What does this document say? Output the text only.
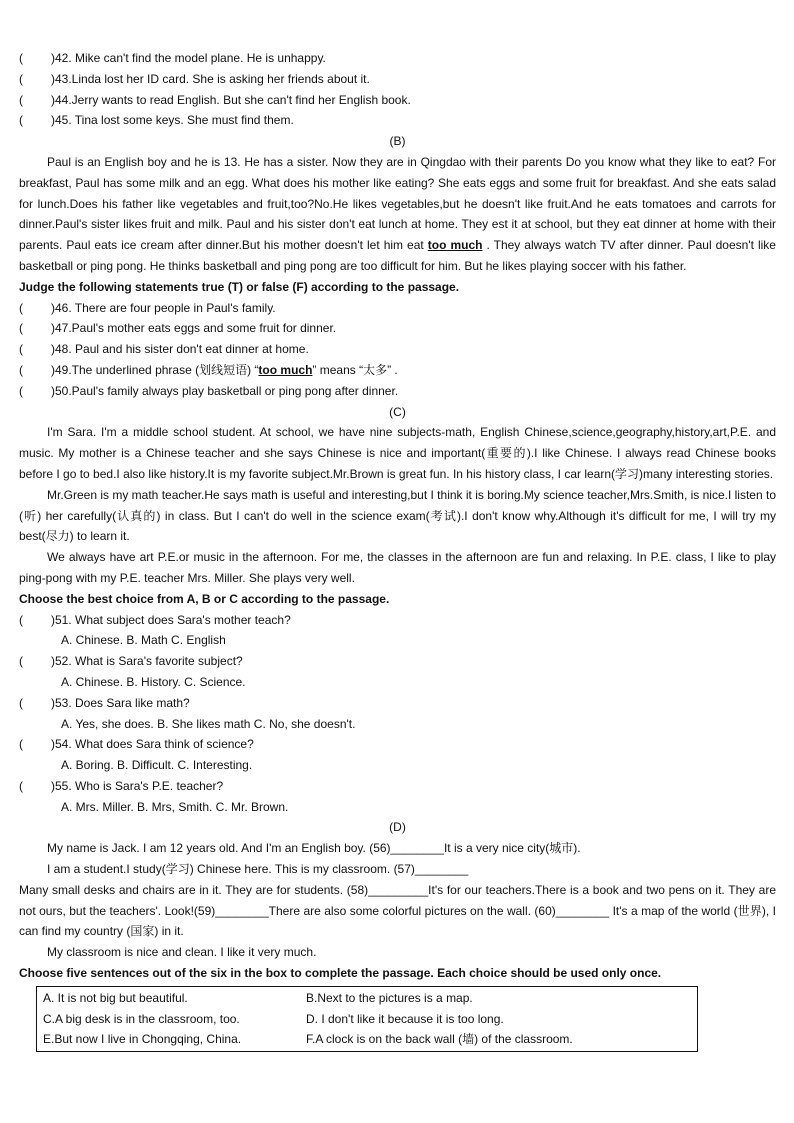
(	)42. Mike can't find the model plane. He is unhappy.
(	)43.Linda lost her ID card. She is asking her friends about it.
(	)44.Jerry wants to read English. But she can't find her English book.
(	)45. Tina lost some keys. She must find them.
(B)
Paul is an English boy and he is 13. He has a sister. Now they are in Qingdao with their parents Do you know what they like to eat? For breakfast, Paul has some milk and an egg. What does his mother like eating? She eats eggs and some fruit for breakfast. And she eats salad for lunch.Does his father like vegetables and fruit,too?No.He likes vegetables,but he doesn't like fruit.And he eats tomatoes and carrots for dinner.Paul's sister likes fruit and milk. Paul and his sister don't eat lunch at home. They est it at school, but they eat dinner at home with their parents. Paul eats ice cream after dinner.But his mother doesn't let him eat too much . They always watch TV after dinner. Paul doesn't like basketball or ping pong. He thinks basketball and ping pong are too difficult for him. But he likes playing soccer with his father.
Judge the following statements true (T) or false (F) according to the passage.
(	)46. There are four people in Paul's family.
(	)47.Paul's mother eats eggs and some fruit for dinner.
(	)48. Paul and his sister don't eat dinner at home.
(	)49.The underlined phrase (划线短语) “too much” means “太多” .
(	)50.Paul's family always play basketball or ping pong after dinner.
(C)
I'm Sara. I'm a middle school student. At school, we have nine subjects-math, English Chinese,science,geography,history,art,P.E. and music. My mother is a Chinese teacher and she says Chinese is nice and important(重要的).I like Chinese. I always read Chinese books before I go to bed.I also like history.It is my favorite subject.Mr.Brown is great fun. In his history class, I car learn(学习)many interesting stories.
Mr.Green is my math teacher.He says math is useful and interesting,but I think it is boring.My science teacher,Mrs.Smith, is nice.I listen to (听) her carefully(认真的) in class. But I can't do well in the science exam(考试).I don't know why.Although it's difficult for me, I will try my best(尽力) to learn it.
We always have art P.E.or music in the afternoon. For me, the classes in the afternoon are fun and relaxing. In P.E. class, I like to play ping-pong with my P.E. teacher Mrs. Miller. She plays very well.
Choose the best choice from A, B or C according to the passage.
(	)51. What subject does Sara's mother teach?
A. Chinese. B. Math C. English
(	)52. What is Sara's favorite subject?
A. Chinese. B. History. C. Science.
(	)53. Does Sara like math?
A. Yes, she does. B. She likes math C. No, she doesn't.
(	)54. What does Sara think of science?
A. Boring. B. Difficult. C. Interesting.
(	)55. Who is Sara's P.E. teacher?
A. Mrs. Miller. B. Mrs, Smith. C. Mr. Brown.
(D)
My name is Jack. I am 12 years old. And I'm an English boy. (56)________It is a very nice city(城市).
I am a student.I study(学习) Chinese here. This is my classroom. (57)________
Many small desks and chairs are in it. They are for students. (58)_________It's for our teachers.There is a book and two pens on it. They are not ours, but the teachers'. Look!(59)________There are also some colorful pictures on the wall. (60)________ It's a map of the world (世界), I can find my country (国家) in it.
My classroom is nice and clean. I like it very much.
Choose five sentences out of the six in the box to complete the passage. Each choice should be used only once.
A. It is not big but beautiful.	B.Next to the pictures is a map.
C.A big desk is in the classroom, too.	D. I don't like it because it is too long.
E.But now I live in Chongqing, China.	F.A clock is on the back wall (墙) of the classroom.
